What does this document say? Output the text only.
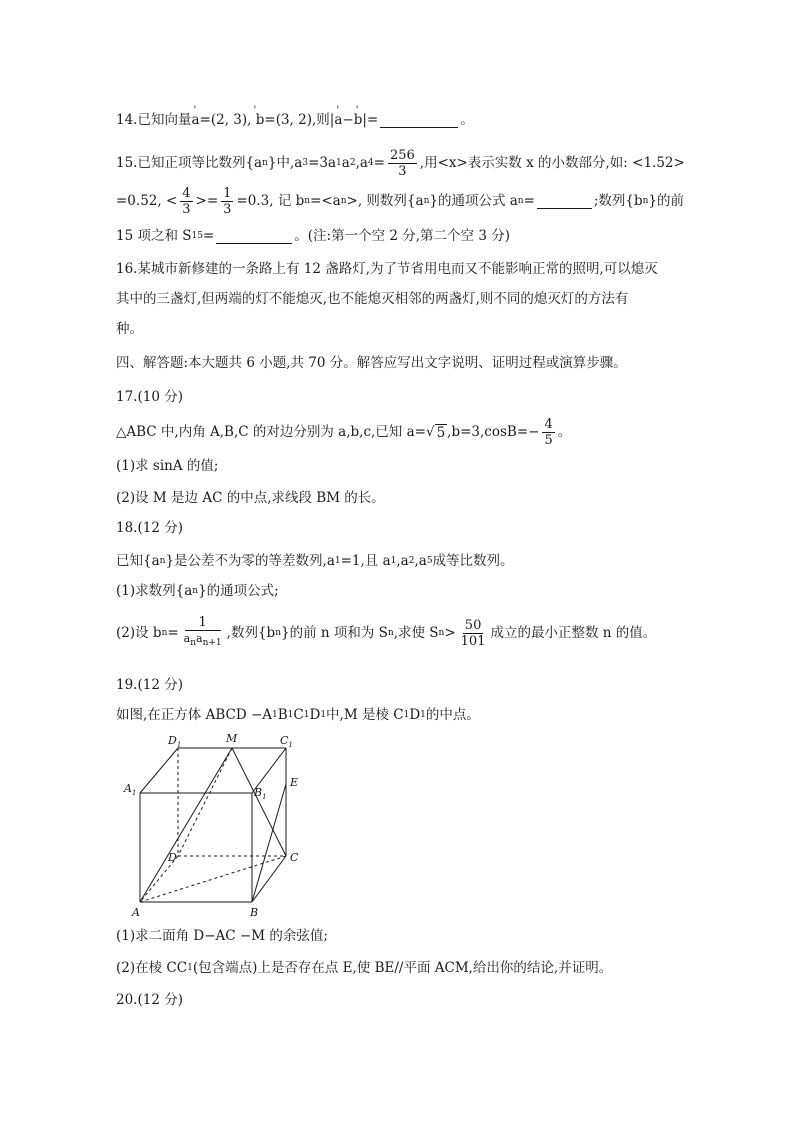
14.已知向量 ' a =(2, 3), '  b =(3, 2),则| ' a − ' b |=	。
15.已知正项等比数列{a n }中,a 3 =3a 1 a 2 ,a $4 = \frac{256}{3}$ ,用<x>表示实数 x 的小数部分,如: <1.52>
=0.52, < $\frac{4}{3} >= \frac{1}{3} =0.3$, 记 b n =<a n >, 则数列{a n }的通项公式 a n =	;数列{b n }的前
15 项之和 S 15 =	。(注:第一个空 2 分,第二个空 3 分)
16.某城市新修建的一条路上有 12 盏路灯,为了节省用电而又不能影响正常的照明,可以熄灭
其中的三盏灯,但两端的灯不能熄灭,也不能熄灭相邻的两盏灯,则不同的熄灭灯的方法有
种。
四、解答题:本大题共 6 小题,共 70 分。解答应写出文字说明、证明过程或演算步骤。
17.(10 分)
△ABC 中,内角 A,B,C 的对边分别为 a,b,c,已知 a= √ 5 $,b=3,\cos B=- \frac{4}{5}$ 。
(1)求 sinA 的值;
(2)设 M 是边 AC 的中点,求线段 BM 的长。
18.(12 分)
已知{a n }是公差不为零的等差数列,a 1 =1,且 a 1 ,a 2 ,a 5 成等比数列。
(1)求数列{a n }的通项公式;
(2)设 b $n = \frac{1}{a_na_{n+1}}$ ,数列{b n }的前 n 项和为 S n ,求使 S $n > \frac{50}{101}$ 成立的最小正整数 n 的值。
19.(12 分)
如图,在正方体 ABCD −A 1 B 1 C 1 D 1 中,M 是棱 C 1 D 1 的中点。
$D_1$	M	$C_1$
$A_1$	$B_1$
E
D	C
A	B
(1)求二面角 D−AC −M 的余弦值;
(2)在棱 CC 1 (包含端点)上是否存在点 E,使 BE//平面 ACM,给出你的结论,并证明。
20.(12 分)
